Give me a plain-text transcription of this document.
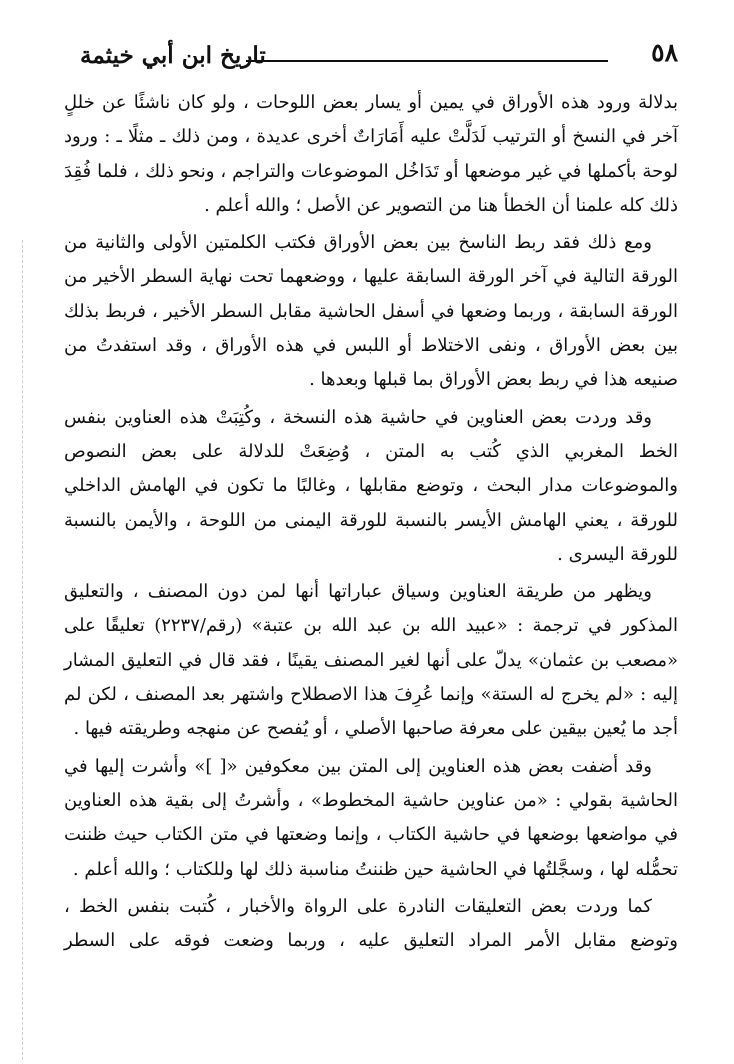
تاريخ ابن أبي خيثمة	٥٨

بدلالة ورود هذه الأوراق في يمين أو يسار بعض اللوحات ، ولو كان ناشئًا عن خللٍ آخر في النسخ أو الترتيب لَدَلَّتْ عليه أَمَارَاتٌ أخرى عديدة ، ومن ذلك ـ مثلًا ـ : ورود لوحة بأكملها في غير موضعها أو تَدَاخُل الموضوعات والتراجم ، ونحو ذلك ، فلما فُقِدَ ذلك كله علمنا أن الخطأ هنا من التصوير عن الأصل ؛ والله أعلم .

ومع ذلك فقد ربط الناسخ بين بعض الأوراق فكتب الكلمتين الأولى والثانية من الورقة التالية في آخر الورقة السابقة عليها ، ووضعهما تحت نهاية السطر الأخير من الورقة السابقة ، وربما وضعها في أسفل الحاشية مقابل السطر الأخير ، فربط بذلك بين بعض الأوراق ، ونفى الاختلاط أو اللبس في هذه الأوراق ، وقد استفدتُ من صنيعه هذا في ربط بعض الأوراق بما قبلها وبعدها .

وقد وردت بعض العناوين في حاشية هذه النسخة ، وكُتِبَتْ هذه العناوين بنفس الخط المغربي الذي كُتب به المتن ، وُضِعَتْ للدلالة على بعض النصوص والموضوعات مدار البحث ، وتوضع مقابلها ، وغالبًا ما تكون في الهامش الداخلي للورقة ، يعني الهامش الأيسر بالنسبة للورقة اليمنى من اللوحة ، والأيمن بالنسبة للورقة اليسرى .

ويظهر من طريقة العناوين وسياق عباراتها أنها لمن دون المصنف ، والتعليق المذكور في ترجمة : «عبيد الله بن عبد الله بن عتبة» (رقم/٢٢٣٧) تعليقًا على «مصعب بن عثمان» يدلّ على أنها لغير المصنف يقينًا ، فقد قال في التعليق المشار إليه : «لم يخرج له الستة» وإنما عُرِفَ هذا الاصطلاح واشتهر بعد المصنف ، لكن لم أجد ما يُعين بيقين على معرفة صاحبها الأصلي ، أو يُفصح عن منهجه وطريقته فيها .

وقد أضفت بعض هذه العناوين إلى المتن بين معكوفين «[ ]» وأشرت إليها في الحاشية بقولي : «من عناوين حاشية المخطوط» ، وأشرتُ إلى بقية هذه العناوين في مواضعها بوضعها في حاشية الكتاب ، وإنما وضعتها في متن الكتاب حيث ظننت تحمُّله لها ، وسجَّلتُها في الحاشية حين ظننتُ مناسبة ذلك لها وللكتاب ؛ والله أعلم .

كما وردت بعض التعليقات النادرة على الرواة والأخبار ، كُتبت بنفس الخط ، وتوضع مقابل الأمر المراد التعليق عليه ، وربما وضعت فوقه على السطر
